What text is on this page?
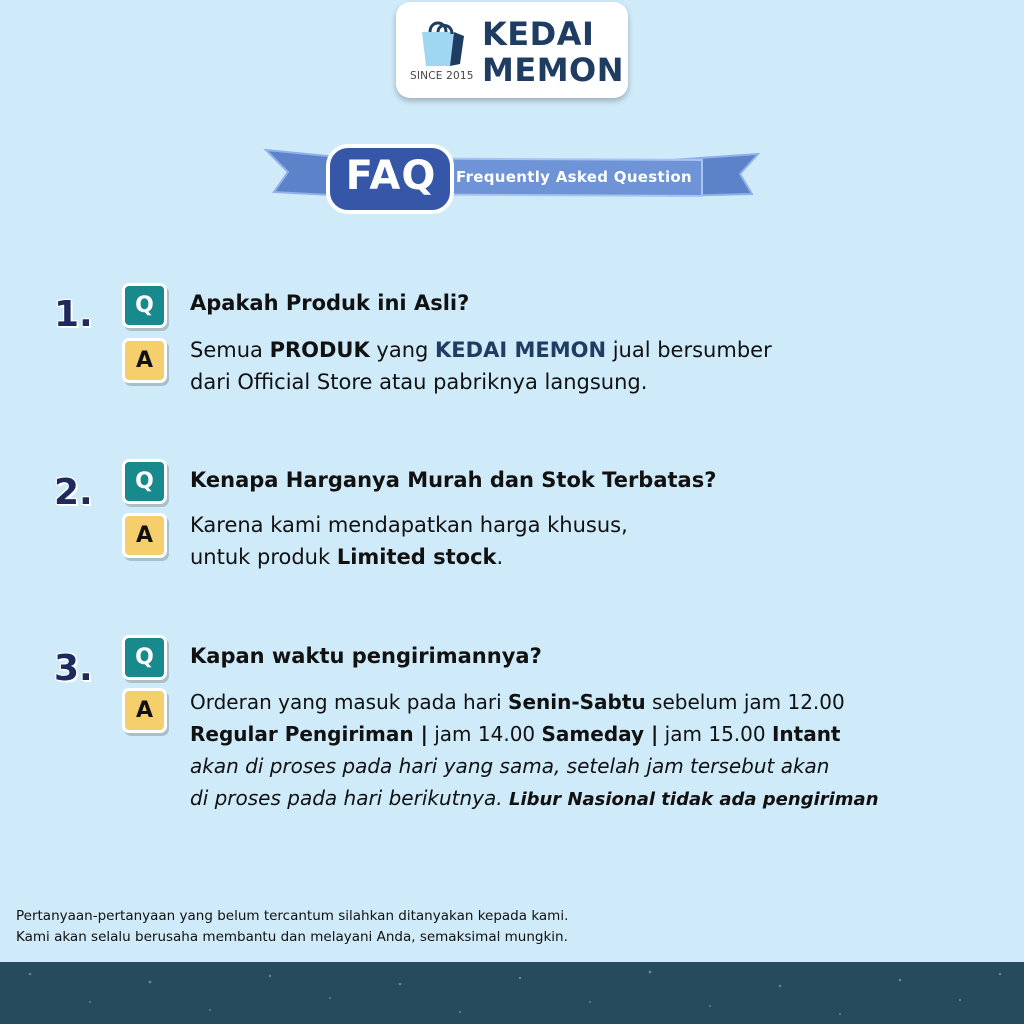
SINCE 2015
KEDAI
MEMON
FAQ	Frequently Asked Question
1.	Q
A
Apakah Produk ini Asli?
Semua PRODUK yang KEDAI MEMON jual bersumber
dari Official Store atau pabriknya langsung.
2.	Q
A
Kenapa Harganya Murah dan Stok Terbatas?
Karena kami mendapatkan harga khusus,
untuk produk Limited stock.
3.	Q
A
Kapan waktu pengirimannya?
Orderan yang masuk pada hari Senin-Sabtu sebelum jam 12.00
Regular Pengiriman | jam 14.00 Sameday | jam 15.00 Intant
akan di proses pada hari yang sama, setelah jam tersebut akan
di proses pada hari berikutnya. Libur Nasional tidak ada pengiriman
Pertanyaan-pertanyaan yang belum tercantum silahkan ditanyakan kepada kami.
Kami akan selalu berusaha membantu dan melayani Anda, semaksimal mungkin.
